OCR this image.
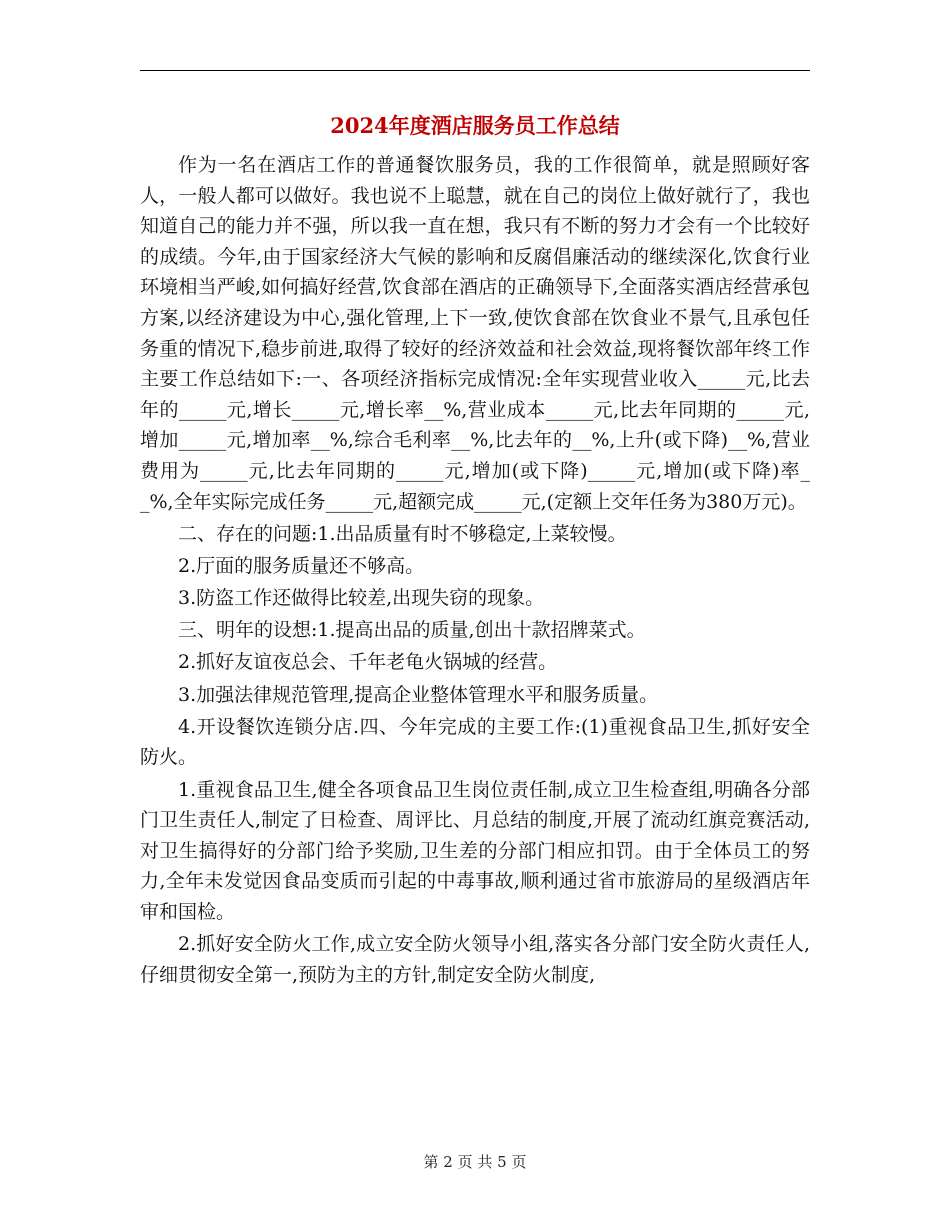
2024年度酒店服务员工作总结

作为一名在酒店工作的普通餐饮服务员，我的工作很简单，就是照顾好客人，一般人都可以做好。我也说不上聪慧，就在自己的岗位上做好就行了，我也知道自己的能力并不强，所以我一直在想，我只有不断的努力才会有一个比较好的成绩。今年,由于国家经济大气候的影响和反腐倡廉活动的继续深化,饮食行业环境相当严峻,如何搞好经营,饮食部在酒店的正确领导下,全面落实酒店经营承包方案,以经济建设为中心,强化管理,上下一致,使饮食部在饮食业不景气,且承包任务重的情况下,稳步前进,取得了较好的经济效益和社会效益,现将餐饮部年终工作主要工作总结如下:一、各项经济指标完成情况:全年实现营业收入_____元,比去年的_____元,增长_____元,增长率__%,营业成本_____元,比去年同期的_____元,增加_____元,增加率__%,综合毛利率__%,比去年的__%,上升(或下降)__%,营业费用为_____元,比去年同期的_____元,增加(或下降)_____元,增加(或下降)率__%,全年实际完成任务_____元,超额完成_____元,(定额上交年任务为380万元)。

二、存在的问题:1.出品质量有时不够稳定,上菜较慢。

2.厅面的服务质量还不够高。

3.防盗工作还做得比较差,出现失窃的现象。

三、明年的设想:1.提高出品的质量,创出十款招牌菜式。

2.抓好友谊夜总会、千年老龟火锅城的经营。

3.加强法律规范管理,提高企业整体管理水平和服务质量。

4.开设餐饮连锁分店.四、今年完成的主要工作:(1)重视食品卫生,抓好安全防火。

1.重视食品卫生,健全各项食品卫生岗位责任制,成立卫生检查组,明确各分部门卫生责任人,制定了日检查、周评比、月总结的制度,开展了流动红旗竞赛活动,对卫生搞得好的分部门给予奖励,卫生差的分部门相应扣罚。由于全体员工的努力,全年未发觉因食品变质而引起的中毒事故,顺利通过省市旅游局的星级酒店年审和国检。

2.抓好安全防火工作,成立安全防火领导小组,落实各分部门安全防火责任人,仔细贯彻安全第一,预防为主的方针,制定安全防火制度,

第 2 页 共 5 页
